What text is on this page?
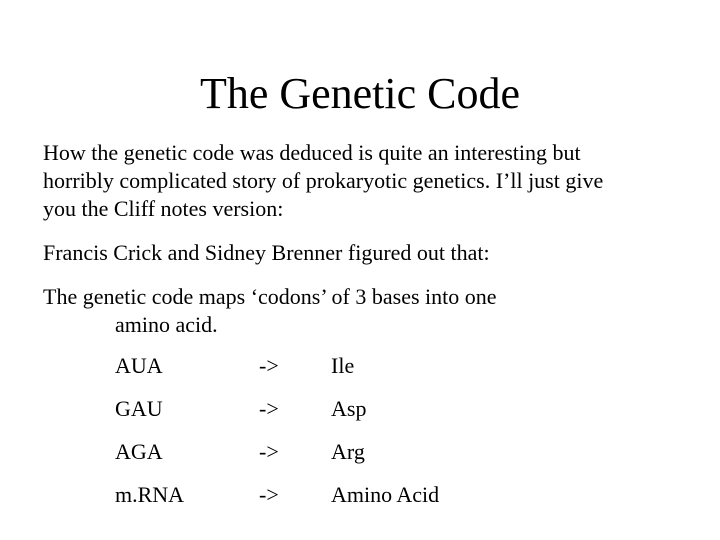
The Genetic Code
How the genetic code was deduced is quite an interesting but
horribly complicated story of prokaryotic genetics. I’ll just give
you the Cliff notes version:
Francis Crick and Sidney Brenner figured out that:
The genetic code maps ‘codons’ of 3 bases into one
amino acid.
AUA	-> Ile
GAU	-> Asp
AGA	-> Arg
m.RNA	-> Amino Acid
